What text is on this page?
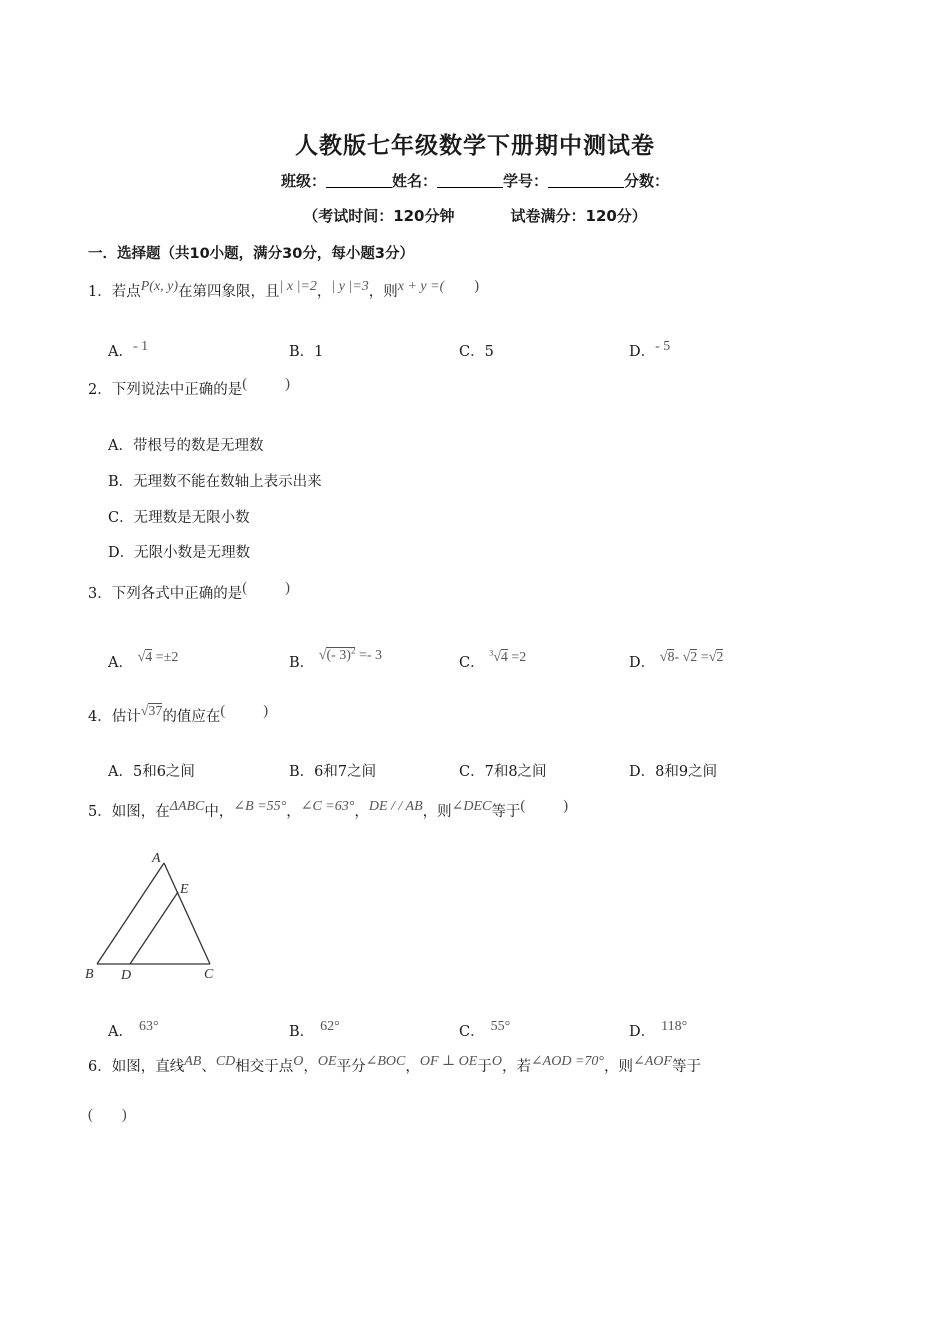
人教版七年级数学下册期中测试卷
班级：	姓名：	学号：	分数：
（考试时间：120分钟	试卷满分：120分）
一．选择题（共10小题，满分30分，每小题3分）
1．若点P(x, y)在第四象限，且| x |=2，| y |=3，则x + y =( )
A．- 1	B．1	C．5	D．- 5
2．下列说法中正确的是(	)
A．带根号的数是无理数
B．无理数不能在数轴上表示出来
C．无理数是无限小数
D．无限小数是无理数
3．下列各式中正确的是(	)
A． √4 =±2	B． √(- 3)$^2$ =- 3	C． $^3$√4 =2	D． √8- √2 =√2
4．估计√37的值应在(	)
A．5和6之间	B．6和7之间	C．7和8之间	D．8和9之间
5．如图，在ΔABC中，∠B =55°，∠C =63°，DE / / AB，则∠DEC等于(	)
A
E
B D	C
A． 63°	B． 62°	C． 55°	D． 118°
6．如图，直线AB、CD相交于点O，OE平分∠BOC，OF ⊥ OE于O，若∠AOD =70°，则∠AOF等于
(　　)
